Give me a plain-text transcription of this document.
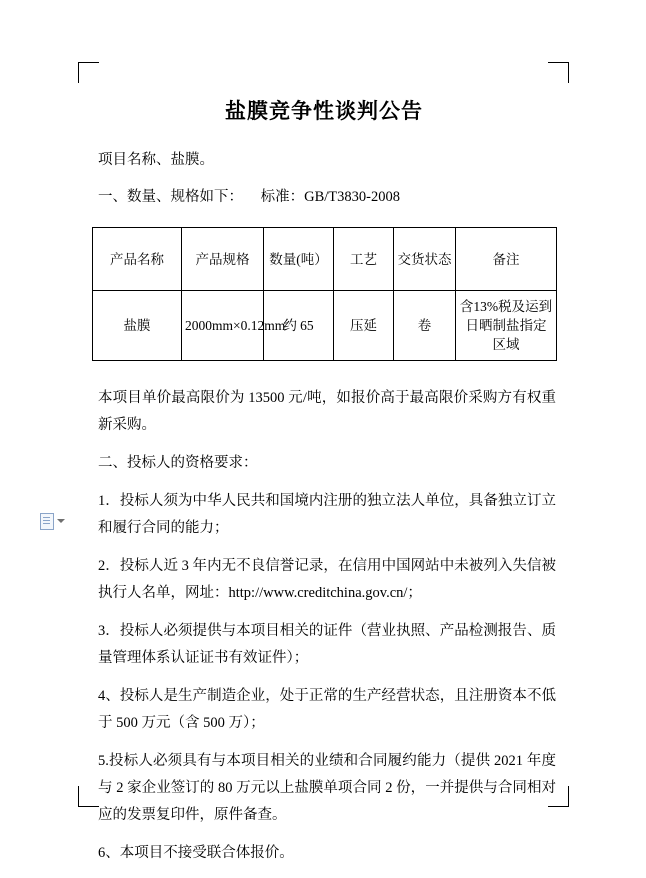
盐膜竞争性谈判公告

项目名称、盐膜。

一、数量、规格如下： 标准：GB/T3830-2008

产品名称	产品规格	数量(吨）	工艺	交货状态	备注
盐膜	2000mm×0.12mm	约 65	压延	卷	含13%税及运到日晒制盐指定区域

本项目单价最高限价为 13500 元/吨，如报价高于最高限价采购方有权重新采购。

二、投标人的资格要求：

1．投标人须为中华人民共和国境内注册的独立法人单位，具备独立订立和履行合同的能力；

2．投标人近 3 年内无不良信誉记录，在信用中国网站中未被列入失信被执行人名单，网址：http://www.creditchina.gov.cn/；

3．投标人必须提供与本项目相关的证件（营业执照、产品检测报告、质量管理体系认证证书有效证件）；

4、投标人是生产制造企业，处于正常的生产经营状态，且注册资本不低于 500 万元（含 500 万）；

5.投标人必须具有与本项目相关的业绩和合同履约能力（提供 2021 年度与 2 家企业签订的 80 万元以上盐膜单项合同 2 份，一并提供与合同相对应的发票复印件，原件备查。

6、本项目不接受联合体报价。
